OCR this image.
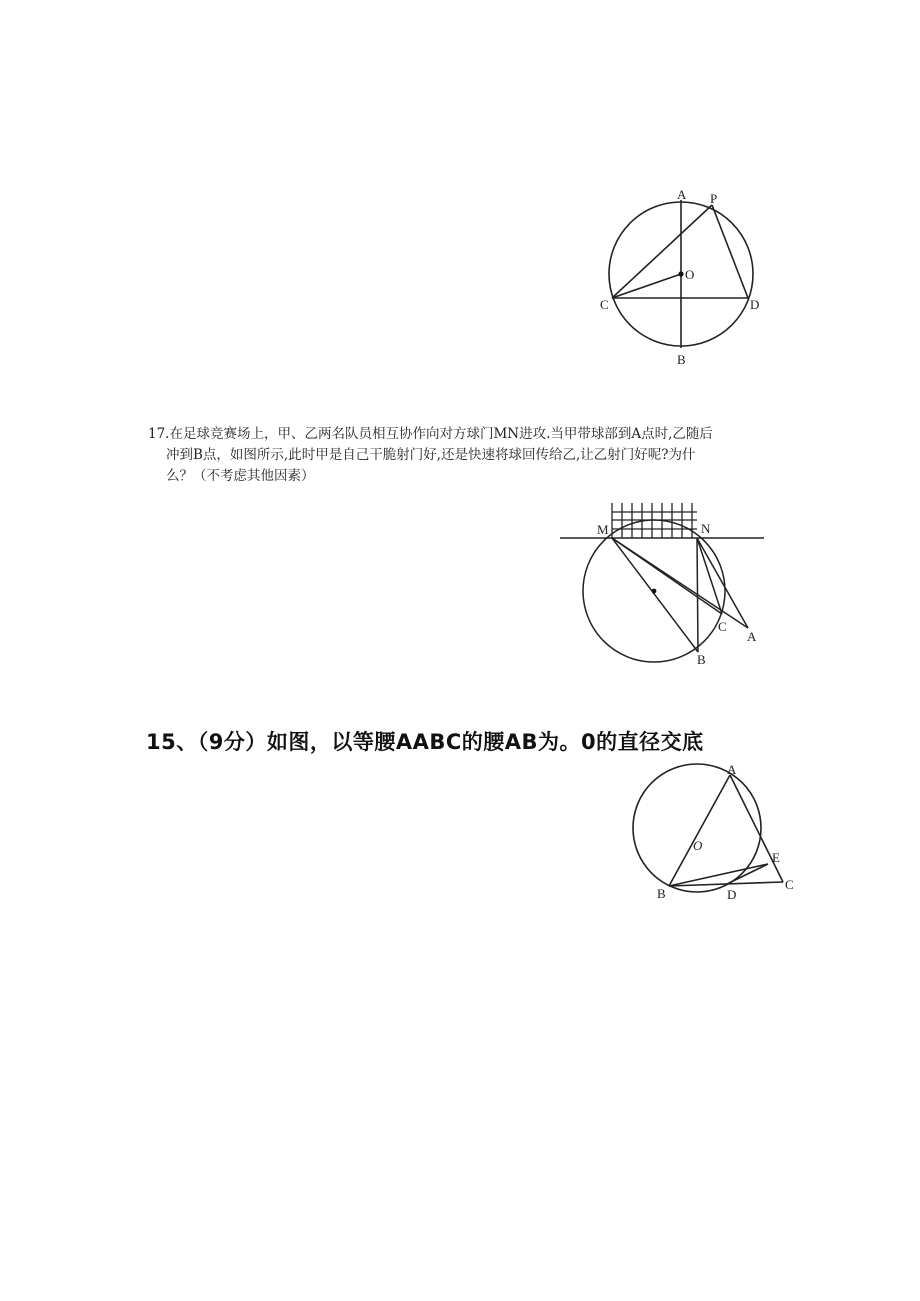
A P
O
C	D
B

17.在足球竞赛场上，甲、乙两名队员相互协作向对方球门MN进攻.当甲带球部到A点时,乙随后

冲到B点，如图所示,此时甲是自己干脆射门好,还是快速将球回传给乙,让乙射门好呢?为什

么？（不考虑其他因素）

M	N
C
A
B
15、（9分）如图，以等腰AABC的腰AB为。0的直径交底
A
O
E
B	D
C
